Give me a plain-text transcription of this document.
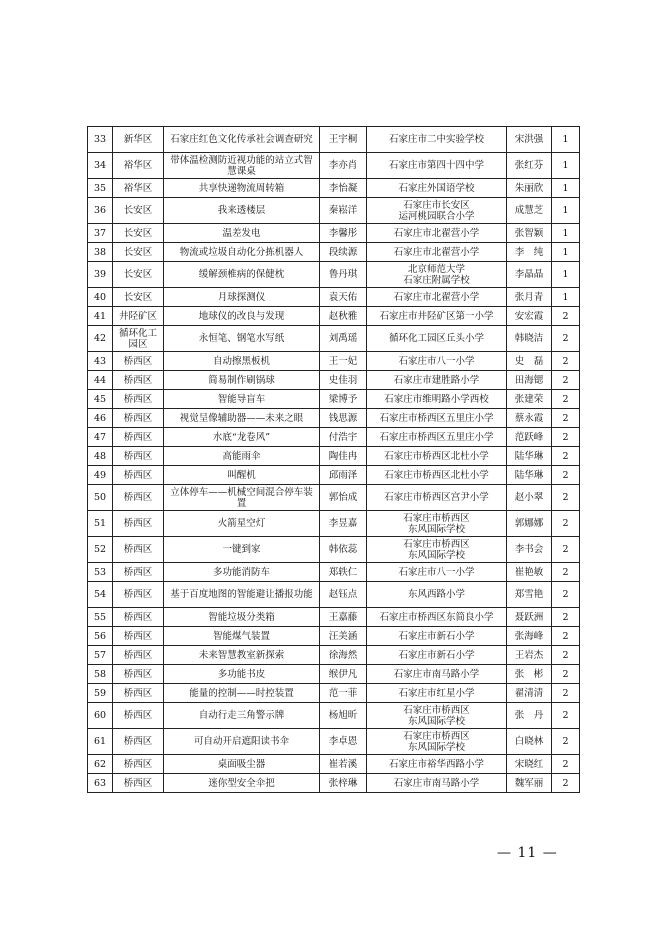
33	新华区	石家庄红色文化传承社会调查研究	王宇桐	石家庄市二中实验学校	宋洪强	1
34	裕华区	带体温检测防近视功能的站立式智慧课桌	李亦肖	石家庄市第四十四中学	张红芬	1
35	裕华区	共享快递物流周转箱	李怡凝	石家庄外国语学校	朱丽欣	1
36	长安区	我来透楼层	秦崧洋	石家庄市长安区
运河桃园联合小学	成慧芝	1
37	长安区	温差发电	李馨彤	石家庄市北翟营小学	张智颖	1
38	长安区	物流或垃圾自动化分拣机器人	段续源	石家庄市北翟营小学	李　纯	1
39	长安区	缓解颈椎病的保健枕	鲁丹琪	北京师范大学
石家庄附属学校	李晶晶	1
40	长安区	月球探测仪	袁天佑	石家庄市北翟营小学	张月青	1
41	井陉矿区	地球仪的改良与发现	赵秋雅	石家庄市井陉矿区第一小学	安宏霞	2
42	循环化工园区	永恒笔、钢笔水写纸	刘禹瑶	循环化工园区丘头小学	韩晓洁	2
43	桥西区	自动擦黑板机	王一妃	石家庄市八一小学	史　磊	2
44	桥西区	简易制作刷锅球	史佳羽	石家庄市建胜路小学	田海锶	2
45	桥西区	智能导盲车	梁博予	石家庄市维明路小学西校	张建荣	2
46	桥西区	视觉呈像辅助器——未来之眼	钱思源	石家庄市桥西区五里庄小学	蔡永霞	2
47	桥西区	水底“龙卷风”	付浩宇	石家庄市桥西区五里庄小学	范跃峰	2
48	桥西区	高能雨伞	陶佳冉	石家庄市桥西区北杜小学	陆华琳	2
49	桥西区	叫醒机	邱雨泽	石家庄市桥西区北杜小学	陆华琳	2
50	桥西区	立体停车——机械空间混合停车装置	郭怡成	石家庄市桥西区宫尹小学	赵小翠	2
51	桥西区	火箭星空灯	李昱嘉	石家庄市桥西区
东风国际学校	郭娜娜	2
52	桥西区	一键到家	韩依蕊	石家庄市桥西区
东风国际学校	李书会	2
53	桥西区	多功能消防车	郑轶仁	石家庄市八一小学	崔艳敏	2
54	桥西区	基于百度地图的智能避让播报功能	赵钰点	东风西路小学	郑雪艳	2
55	桥西区	智能垃圾分类箱	王嘉藤	石家庄市桥西区东简良小学	聂跃洲	2
56	桥西区	智能煤气装置	汪美涵	石家庄市新石小学	张海峰	2
57	桥西区	未来智慧教室新探索	徐海然	石家庄市新石小学	王岩杰	2
58	桥西区	多功能书皮	缑伊凡	石家庄市南马路小学	张　彬	2
59	桥西区	能量的控制——时控装置	范一菲	石家庄市红星小学	翟清清	2
60	桥西区	自动行走三角警示牌	杨旭昕	石家庄市桥西区
东风国际学校	张　丹	2
61	桥西区	可自动开启遮阳读书伞	李卓恩	石家庄市桥西区
东风国际学校	白晓林	2
62	桥西区	桌面吸尘器	崔若溪	石家庄市裕华西路小学	宋晓红	2
63	桥西区	迷你型安全伞把	张梓琳	石家庄市南马路小学	魏军丽	2
— 11 —
